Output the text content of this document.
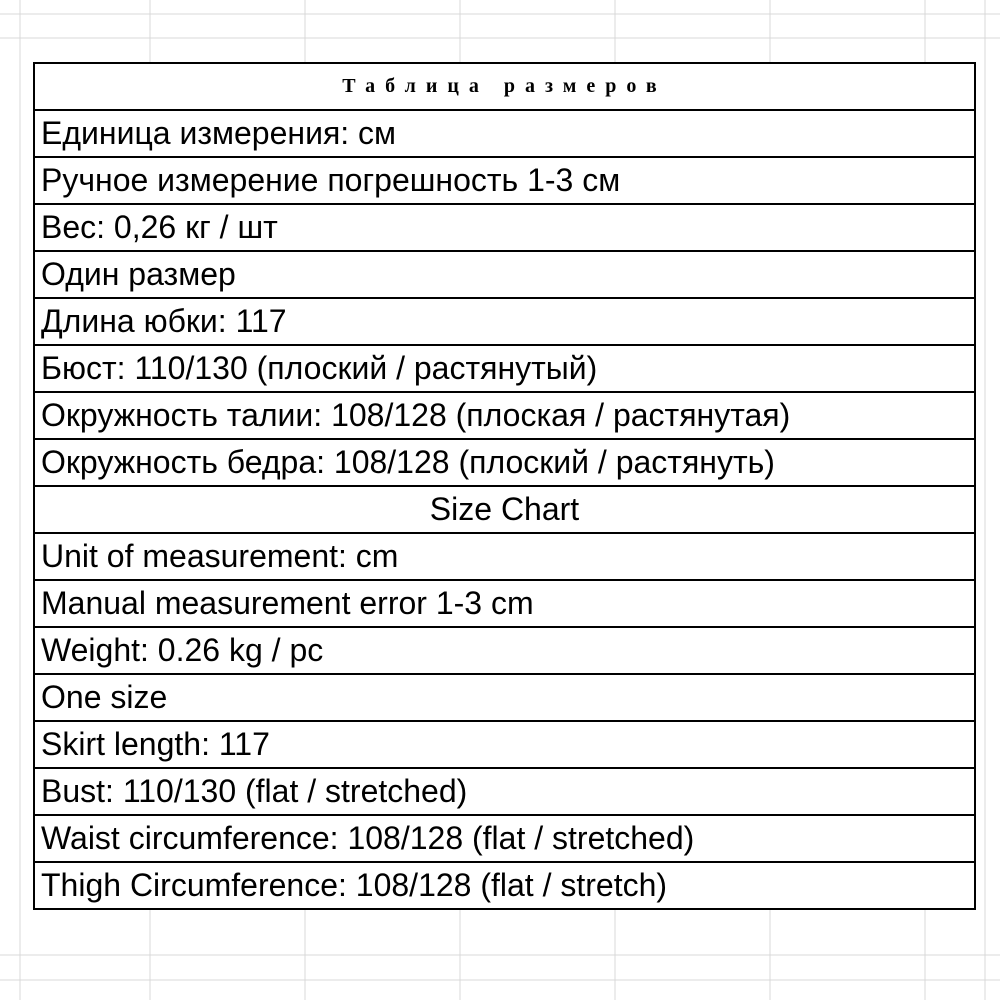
Таблица размеров
Единица измерения: см
Ручное измерение погрешность 1-3 см
Вес: 0,26 кг / шт
Один размер
Длина юбки: 117
Бюст: 110/130 (плоский / растянутый)
Окружность талии: 108/128 (плоская / растянутая)
Окружность бедра: 108/128 (плоский / растянуть)
Size Chart
Unit of measurement: cm
Manual measurement error 1-3 cm
Weight: 0.26 kg / pc
One size
Skirt length: 117
Bust: 110/130 (flat / stretched)
Waist circumference: 108/128 (flat / stretched)
Thigh Circumference: 108/128 (flat / stretch)
